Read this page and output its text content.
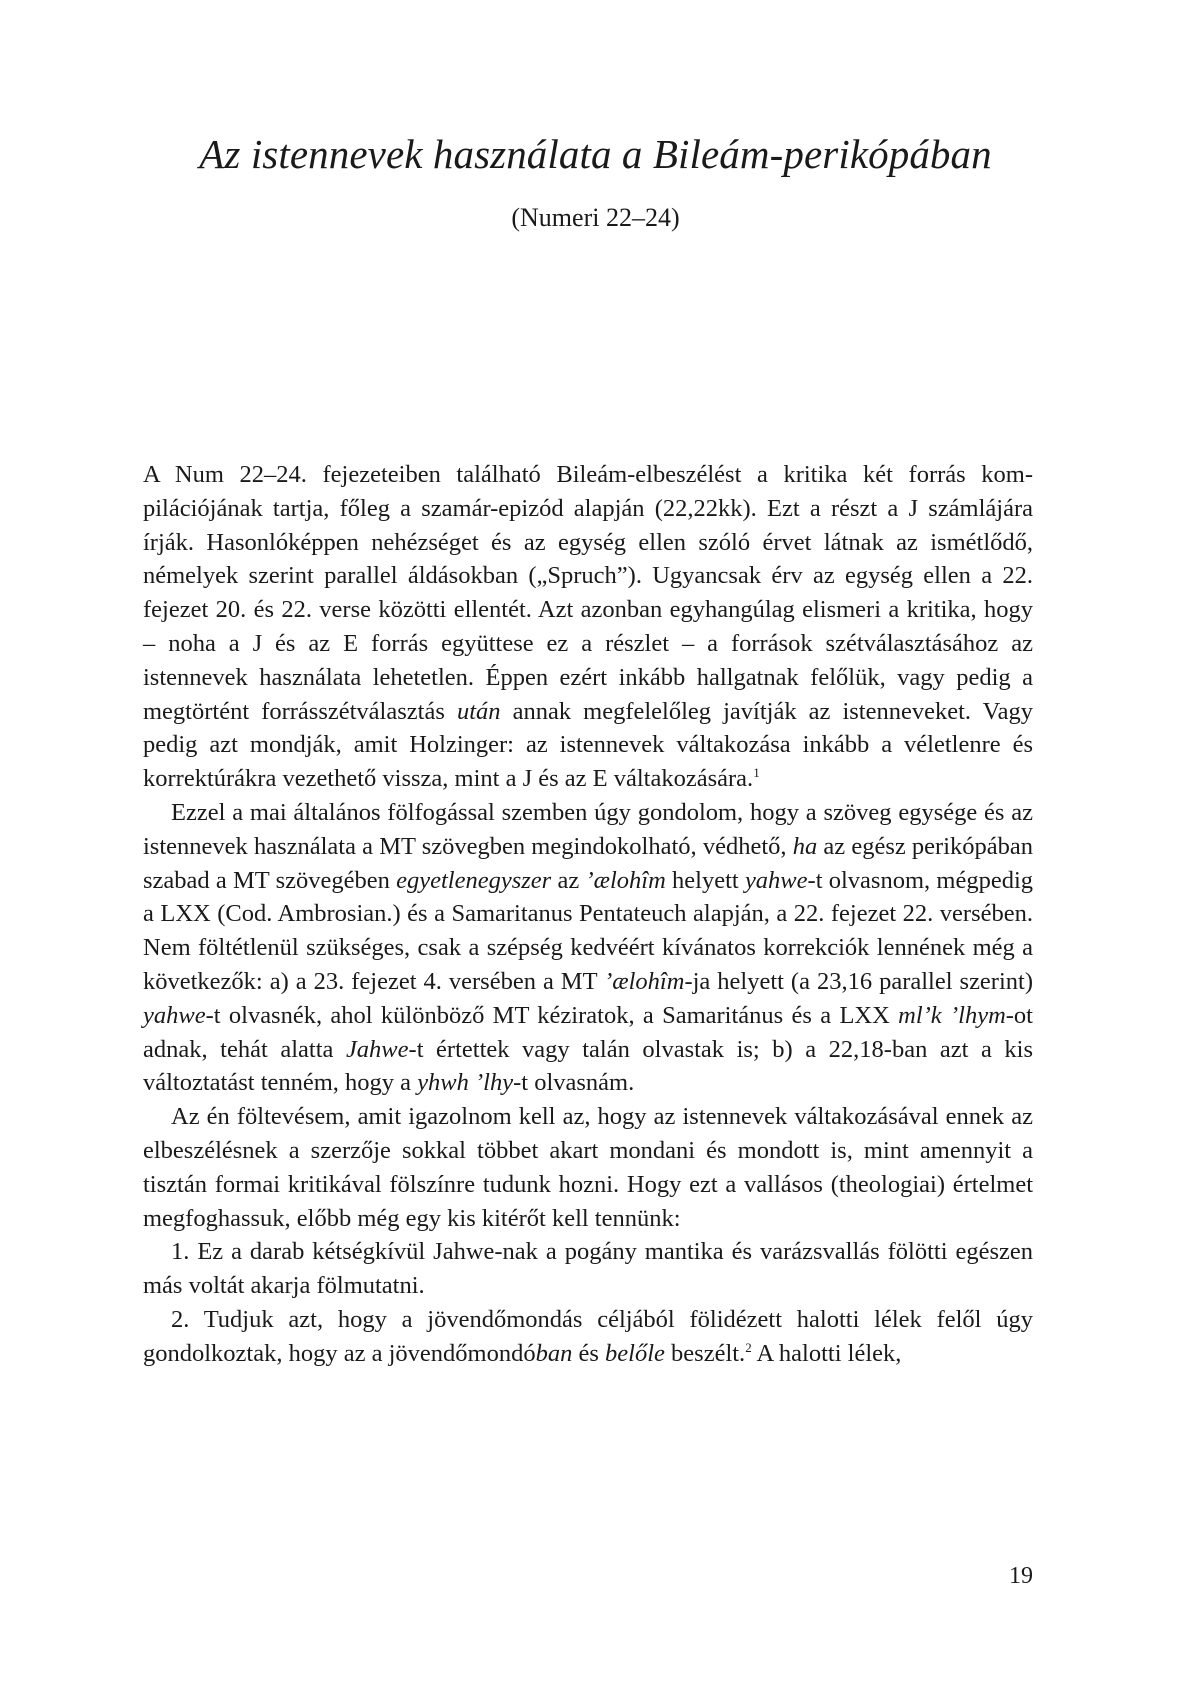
Az istennevek használata a Bileám-perikópában
(Numeri 22–24)

A Num 22–24. fejezeteiben található Bileám-elbeszélést a kritika két forrás kompilációjának tartja, főleg a szamár-epizód alapján (22,22kk). Ezt a részt a J számlájára írják. Hasonlóképpen nehézséget és az egység ellen szóló érvet látnak az ismétlődő, némelyek szerint parallel áldásokban („Spruch”). Ugyancsak érv az egység ellen a 22. fejezet 20. és 22. verse közötti ellentét. Azt azonban egyhangúlag elismeri a kritika, hogy – noha a J és az E forrás együttese ez a részlet – a források szétválasztásához az istennevek használata lehetetlen. Éppen ezért inkább hallgatnak felőlük, vagy pedig a megtörtént forrásszétválasztás után annak megfelelőleg javítják az istenneveket. Vagy pedig azt mondják, amit Holzinger: az istennevek váltakozása inkább a véletlenre és korrektúrákra vezethető vissza, mint a J és az E váltakozására.$^1$

Ezzel a mai általános fölfogással szemben úgy gondolom, hogy a szöveg egysége és az istennevek használata a MT szövegben megindokolható, védhető, ha az egész perikópában szabad a MT szövegében egyetlenegyszer az ’ælohîm helyett yahwe-t olvasnom, mégpedig a LXX (Cod. Ambrosian.) és a Samaritanus Pentateuch alapján, a 22. fejezet 22. versében. Nem föltétlenül szükséges, csak a szépség kedvéért kívánatos korrekciók lennének még a következők: a) a 23. fejezet 4. versében a MT ’ælohîm-ja helyett (a 23,16 parallel szerint) yahwe-t olvasnék, ahol különböző MT kéziratok, a Samaritánus és a LXX ml’k ’lhym-ot adnak, tehát alatta Jahwe-t értettek vagy talán olvastak is; b) a 22,18-ban azt a kis változtatást tenném, hogy a yhwh ’lhy-t olvasnám.

Az én föltevésem, amit igazolnom kell az, hogy az istennevek váltakozásával ennek az elbeszélésnek a szerzője sokkal többet akart mondani és mondott is, mint amennyit a tisztán formai kritikával fölszínre tudunk hozni. Hogy ezt a vallásos (theologiai) értelmet megfoghassuk, előbb még egy kis kitérőt kell tennünk:

1. Ez a darab kétségkívül Jahwe-nak a pogány mantika és varázsvallás fölötti egészen más voltát akarja fölmutatni.

2. Tudjuk azt, hogy a jövendőmondás céljából fölidézett halotti lélek felől úgy gondolkoztak, hogy az a jövendőmondóban és belőle beszélt.$^2$ A halotti lélek,

19
